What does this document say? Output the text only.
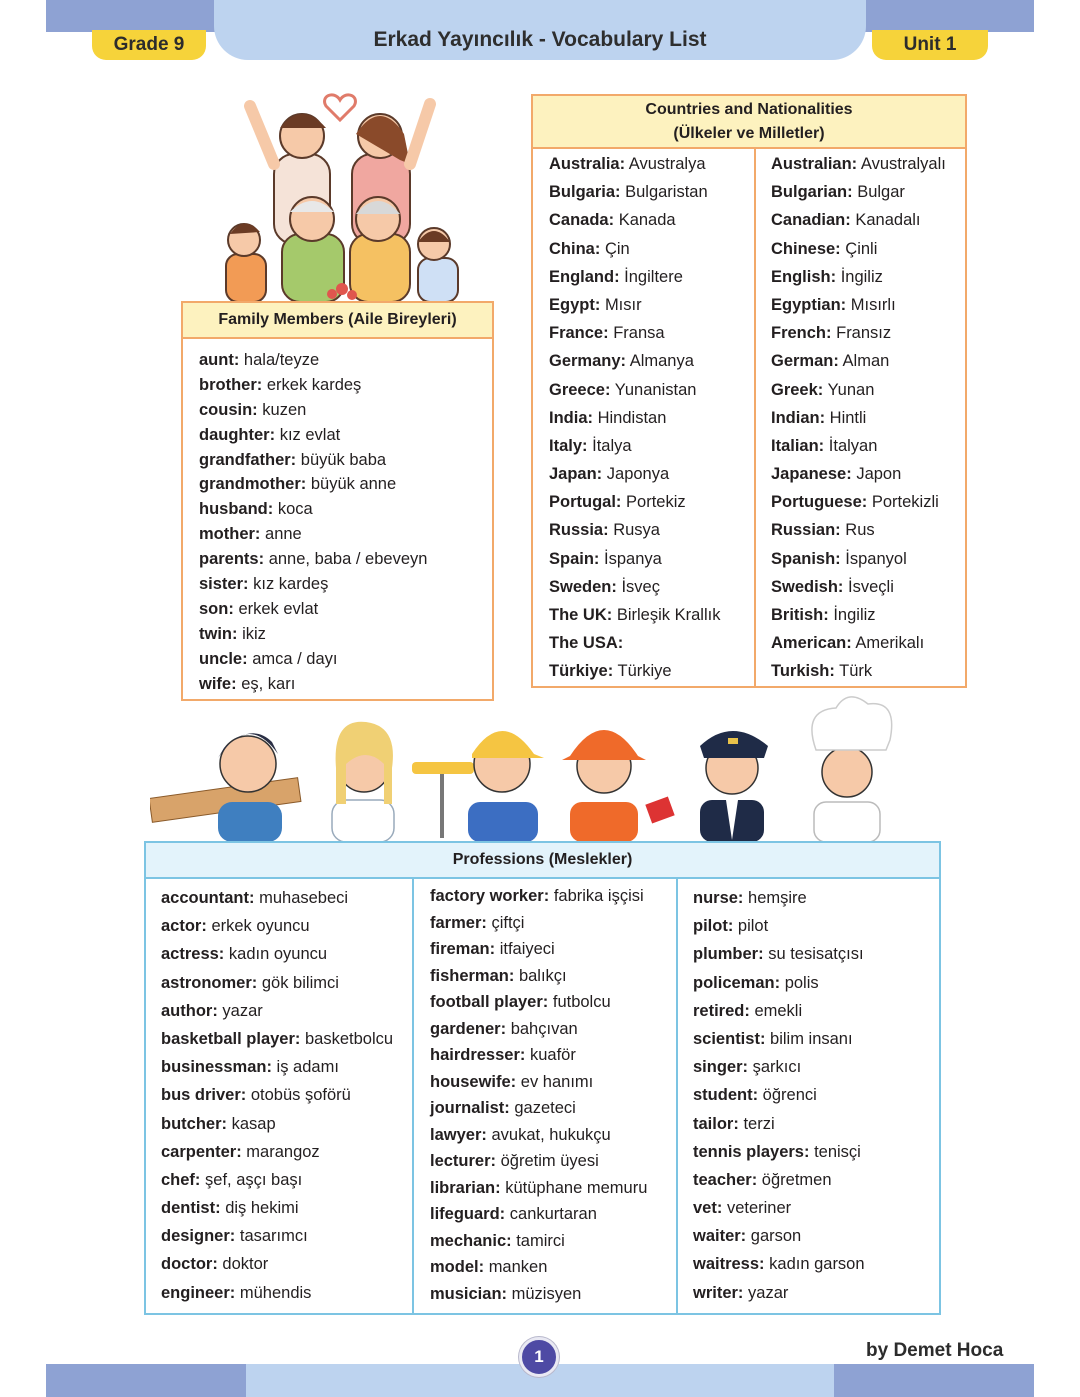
Erkad Yayıncılık - Vocabulary List
Grade 9	Unit 1
Family Members (Aile Bireyleri)
aunt: hala/teyze
brother: erkek kardeş
cousin: kuzen
daughter: kız evlat
grandfather: büyük baba
grandmother: büyük anne
husband: koca
mother: anne
parents: anne, baba / ebeveyn
sister: kız kardeş
son: erkek evlat
twin: ikiz
uncle: amca / dayı
wife: eş, karı
Countries and Nationalities
(Ülkeler ve Milletler)
Australia: Avustralya
Bulgaria: Bulgaristan
Canada: Kanada
China: Çin
England: İngiltere
Egypt: Mısır
France: Fransa
Germany: Almanya
Greece: Yunanistan
India: Hindistan
Italy: İtalya
Japan: Japonya
Portugal: Portekiz
Russia: Rusya
Spain: İspanya
Sweden: İsveç
The UK: Birleşik Krallık
The USA:
Türkiye: Türkiye
Australian: Avustralyalı
Bulgarian: Bulgar
Canadian: Kanadalı
Chinese: Çinli
English: İngiliz
Egyptian: Mısırlı
French: Fransız
German: Alman
Greek: Yunan
Indian: Hintli
Italian: İtalyan
Japanese: Japon
Portuguese: Portekizli
Russian: Rus
Spanish: İspanyol
Swedish: İsveçli
British: İngiliz
American: Amerikalı
Turkish: Türk
Professions (Meslekler)
accountant: muhasebeci
actor: erkek oyuncu
actress: kadın oyuncu
astronomer: gök bilimci
author: yazar
basketball player: basketbolcu
businessman: iş adamı
bus driver: otobüs şoförü
butcher: kasap
carpenter: marangoz
chef: şef, aşçı başı
dentist: diş hekimi
designer: tasarımcı
doctor: doktor
engineer: mühendis
factory worker: fabrika işçisi
farmer: çiftçi
fireman: itfaiyeci
fisherman: balıkçı
football player: futbolcu
gardener: bahçıvan
hairdresser: kuaför
housewife: ev hanımı
journalist: gazeteci
lawyer: avukat, hukukçu
lecturer: öğretim üyesi
librarian: kütüphane memuru
lifeguard: cankurtaran
mechanic: tamirci
model: manken
musician: müzisyen
nurse: hemşire
pilot: pilot
plumber: su tesisatçısı
policeman: polis
retired: emekli
scientist: bilim insanı
singer: şarkıcı
student: öğrenci
tailor: terzi
tennis players: tenisçi
teacher: öğretmen
vet: veteriner
waiter: garson
waitress: kadın garson
writer: yazar
1	by Demet Hoca
